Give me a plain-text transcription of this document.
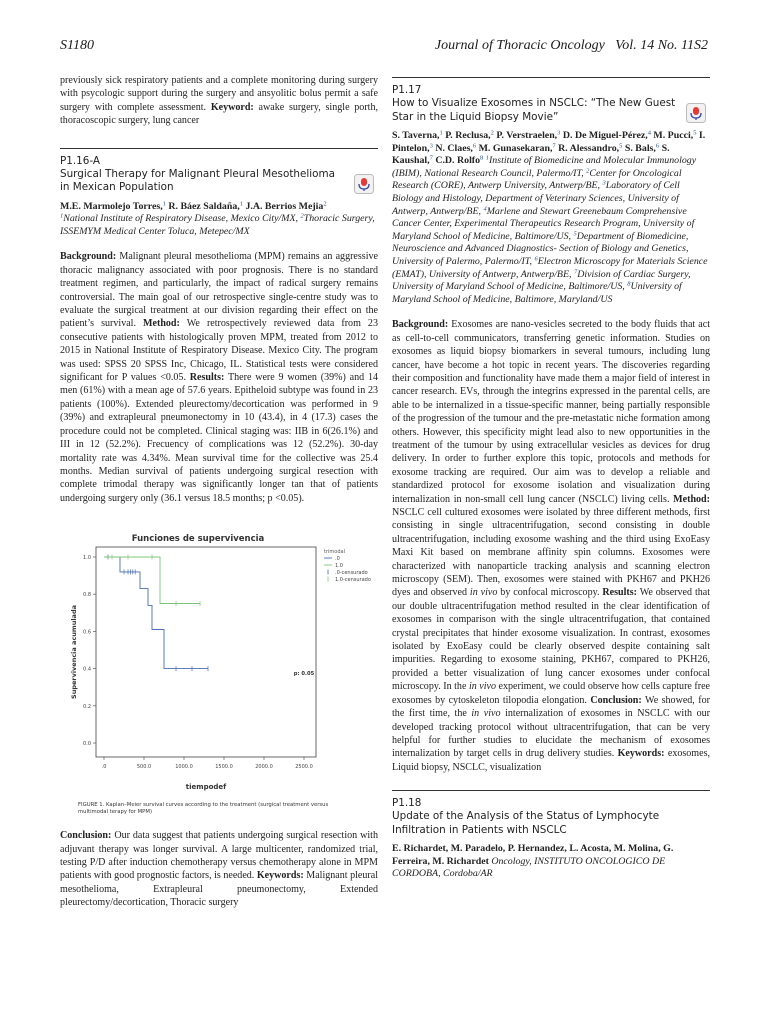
S1180	Journal of Thoracic Oncology   Vol. 14 No. 11S2

previously sick respiratory patients and a complete monitoring during surgery with psycologic support during the surgery and ansyolitic bolus permit a safe surgery with complete assessment. Keyword: awake surgery, single porth, thoracoscopic surgery, lung cancer

P1.16-A
Surgical Therapy for Malignant Pleural Mesothelioma in Mexican Population
M.E. Marmolejo Torres,$^1$ R. Báez Saldaña,$^1$ J.A. Berrios Mejia$^2$
$^1$National Institute of Respiratory Disease, Mexico City/MX, $^2$Thoracic Surgery, ISSEMYM Medical Center Toluca, Metepec/MX

Background: Malignant pleural mesothelioma (MPM) remains an aggressive thoracic malignancy associated with poor prognosis. There is no standard treatment regimen, and particularly, the impact of radical surgery remains controversial. The main goal of our retrospective single-centre study was to evaluate the surgical treatment at our division regarding their effect on the patient’s survival. Method: We retrospectively reviewed data from 23 consecutive patients with histologically proven MPM, treated from 2012 to 2015 in National Institute of Respiratory Disease. Mexico City. The program was used: SPSS 20 SPSS Inc, Chicago, IL. Statistical tests were considered significant for P values <0.05. Results: There were 9 women (39%) and 14 men (61%) with a mean age of 57.6 years. Epitheloid subtype was found in 23 patients (100%). Extended pleurectomy/decortication was performed in 9 (39%) and extrapleural pneumonectomy in 10 (43.4), in 4 (17.3) cases the procedure could not be completed. Clinical staging was: IIB in 6(26.1%) and III in 12 (52.2%). Frecuency of complications was 12 (52.2%). 30-day mortality rate was 4.34%. Mean survival time for the collective was 25.4 months. Median survival of patients undergoing surgical resection with complete trimodal therapy was significantly longer tan that of patients undergoing surgery only (36.1 versus 18.5 months; p <0.05).

Funciones de supervivencia
0.0
0.2
0.4
0.6
0.8
1.0
.0	500.0	1000.0	1500.0	2000.0	2500.0
Supervivencia acumulada
tiempodef
p: 0.05
trimodal
.0
1.0
.0-censurado
1.0-censurado
FIGURE 1. Kaplan–Meier survival curves according to the treatment (surgical treatment versus multimodal terapy for MPM)

Conclusion: Our data suggest that patients undergoing surgical resection with adjuvant therapy was longer survival. A large multicenter, randomized trial, testing P/D after induction chemotherapy versus chemotherapy alone in MPM patients with good prognostic factors, is needed. Keywords: Malignant pleural mesothelioma, Extrapleural pneumonectomy, Extended pleurectomy/decortication, Thoracic surgery

P1.17
How to Visualize Exosomes in NSCLC: “The New Guest Star in the Liquid Biopsy Movie”
S. Taverna,$^1$ P. Reclusa,$^2$ P. Verstraelen,$^3$ D. De Miguel-Pérez,$^4$ M. Pucci,$^5$ I. Pintelon,$^3$ N. Claes,$^6$ M. Gunasekaran,$^7$ R. Alessandro,$^5$ S. Bals,$^6$ S. Kaushal,$^7$ C.D. Rolfo$^8$ $^1$Institute of Biomedicine and Molecular Immunology (IBIM), National Research Council, Palermo/IT, $^2$Center for Oncological Research (CORE), Antwerp University, Antwerp/BE, $^3$Laboratory of Cell Biology and Histology, Department of Veterinary Sciences, University of Antwerp, Antwerp/BE, $^4$Marlene and Stewart Greenebaum Comprehensive Cancer Center, Experimental Therapeutics Research Program, University of Maryland School of Medicine, Baltimore/US, $^5$Department of Biomedicine, Neuroscience and Advanced Diagnostics- Section of Biology and Genetics, University of Palermo, Palermo/IT, $^6$Electron Microscopy for Materials Science (EMAT), University of Antwerp, Antwerp/BE, $^7$Division of Cardiac Surgery, University of Maryland School of Medicine, Baltimore/US, $^8$University of Maryland School of Medicine, Baltimore, Maryland/US

Background: Exosomes are nano-vesicles secreted to the body fluids that act as cell-to-cell communicators, transferring genetic information. Studies on exosomes as liquid biopsy biomarkers in several tumours, including lung cancer, have become a hot topic in recent years. The discoveries regarding their composition and functionality have made them a major field of interest in cancer research. EVs, through the integrins expressed in the parental cells, are able to be internalized in a tissue-specific manner, being partially responsible of the progression of the tumour and the pre-metastatic niche formation among others. However, this specificity might lead also to new opportunities in the treatment of the tumour by using extracellular vesicles as devices for drug delivery. In order to further explore this topic, protocols and methods for exosome tracking are required. Our aim was to develop a reliable and standardized protocol for exosome isolation and visualization during internalization in non-small cell lung cancer (NSCLC) living cells. Method: NSCLC cell cultured exosomes were isolated by three different methods, first consisting in single ultracentrifugation, second consisting in double ultracentrifugation, including exosome washing and the third using ExoEasy Maxi Kit based on membrane affinity spin columns. Exosomes were characterized with nanoparticle tracking analysis and scanning electron microscopy (SEM). Then, exosomes were stained with PKH67 and PKH26 dyes and observed in vivo by confocal microscopy. Results: We observed that our double ultracentrifugation method resulted in the clear identification of exosomes in comparison with the single ultracentrifugation, that contained crystal precipitates that hinder exosome visualization. In contrast, exosomes isolated by ExoEasy could be clearly observed despite containing salt impurities. Regarding to exosome staining, PKH67, compared to PKH26, provided a better visualization of lung cancer exosomes under confocal microscopy. In the in vivo experiment, we could observe how cells capture free exosomes by cytoskeleton tilopodia elongation. Conclusion: We showed, for the first time, the in vivo internalization of exosomes in NSCLC with our developed tracking protocol without ultracentrifugation, that can be very helpful for further studies to elucidate the mechanism of exosomes internalization by target cells in drug delivery studies. Keywords: exosomes, Liquid biopsy, NSCLC, visualization

P1.18
Update of the Analysis of the Status of Lymphocyte Infiltration in Patients with NSCLC
E. Richardet, M. Paradelo, P. Hernandez, L. Acosta, M. Molina, G. Ferreira, M. Richardet Oncology, INSTITUTO ONCOLOGICO DE CORDOBA, Cordoba/AR
